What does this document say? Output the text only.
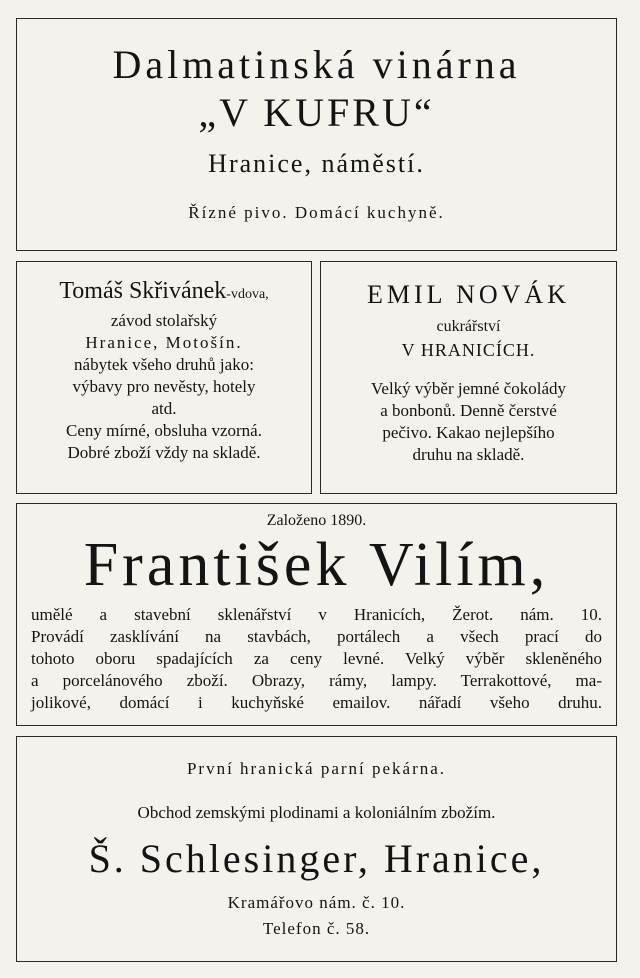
Dalmatinská vinárna
„V KUFRU“
Hranice, náměstí.
Řízné pivo. Domácí kuchyně.
Tomáš Skřivánek-vdova,
závod stolařský
Hranice, Motošín.
nábytek všeho druhů jako:
výbavy pro nevěsty, hotely
atd.
Ceny mírné, obsluha vzorná.
Dobré zboží vždy na skladě.
EMIL NOVÁK
cukrářství
V HRANICÍCH.
Velký výběr jemné čokolády
a bonbonů. Denně čerstvé
pečivo. Kakao nejlepšího
druhu na skladě.
Založeno 1890.
František Vilím,
umělé a stavební sklenářství v Hranicích, Žerot. nám. 10.
Provádí zasklívání na stavbách, portálech a všech prací do
tohoto oboru spadajících za ceny levné. Velký výběr skleněného
a porcelánového zboží. Obrazy, rámy, lampy. Terrakottové, ma-
jolikové, domácí i kuchyňské emailov. nářadí všeho druhu.
První hranická parní pekárna.
Obchod zemskými plodinami a koloniálním zbožím.
Š. Schlesinger, Hranice,
Kramářovo nám. č. 10.
Telefon č. 58.
